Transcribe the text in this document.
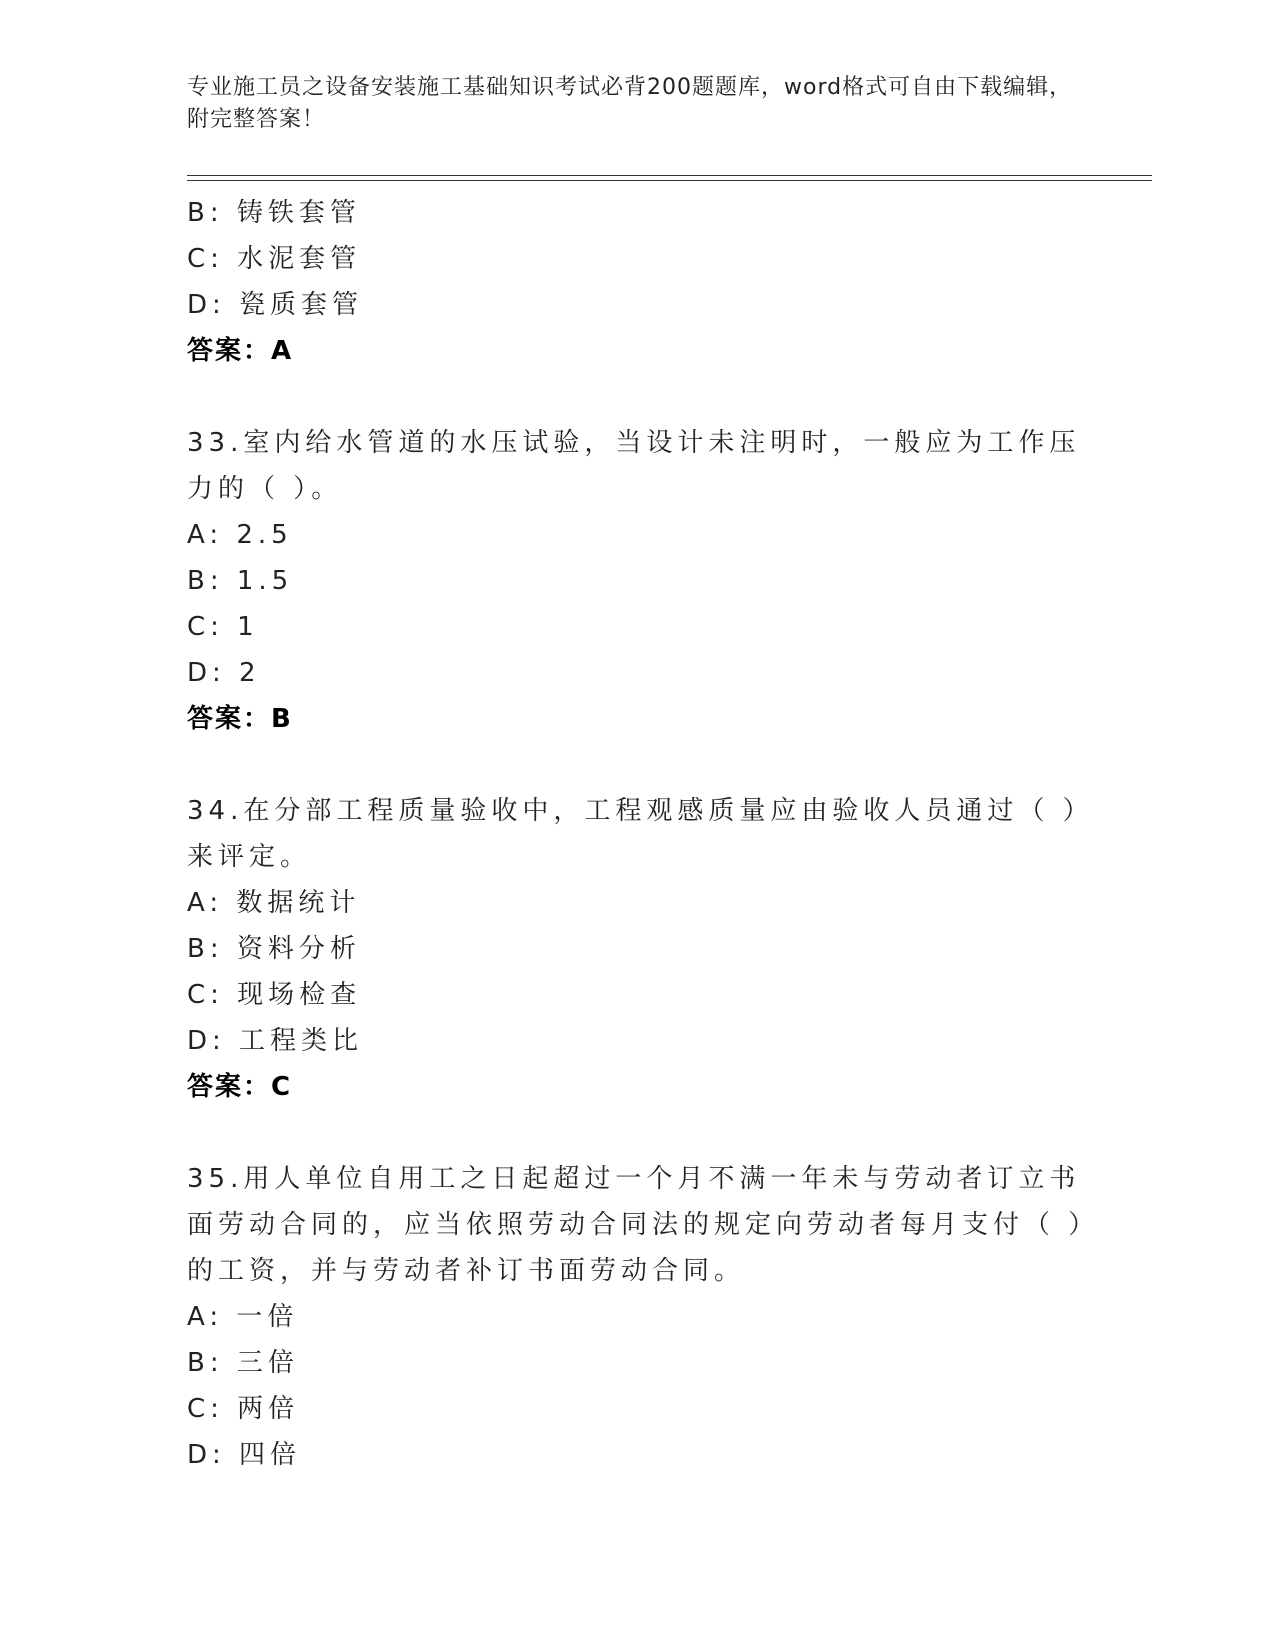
专业施工员之设备安装施工基础知识考试必背200题题库，word格式可自由下载编辑，附完整答案！
B: 铸铁套管
C: 水泥套管
D: 瓷质套管
答案：A
33.室内给水管道的水压试验，当设计未注明时，一般应为工作压力的（ ）。
A: 2.5
B: 1.5
C: 1
D: 2
答案：B
34.在分部工程质量验收中，工程观感质量应由验收人员通过（ ）来评定。
A: 数据统计
B: 资料分析
C: 现场检查
D: 工程类比
答案：C
35.用人单位自用工之日起超过一个月不满一年未与劳动者订立书面劳动合同的，应当依照劳动合同法的规定向劳动者每月支付（ ）的工资，并与劳动者补订书面劳动合同。
A: 一倍
B: 三倍
C: 两倍
D: 四倍
